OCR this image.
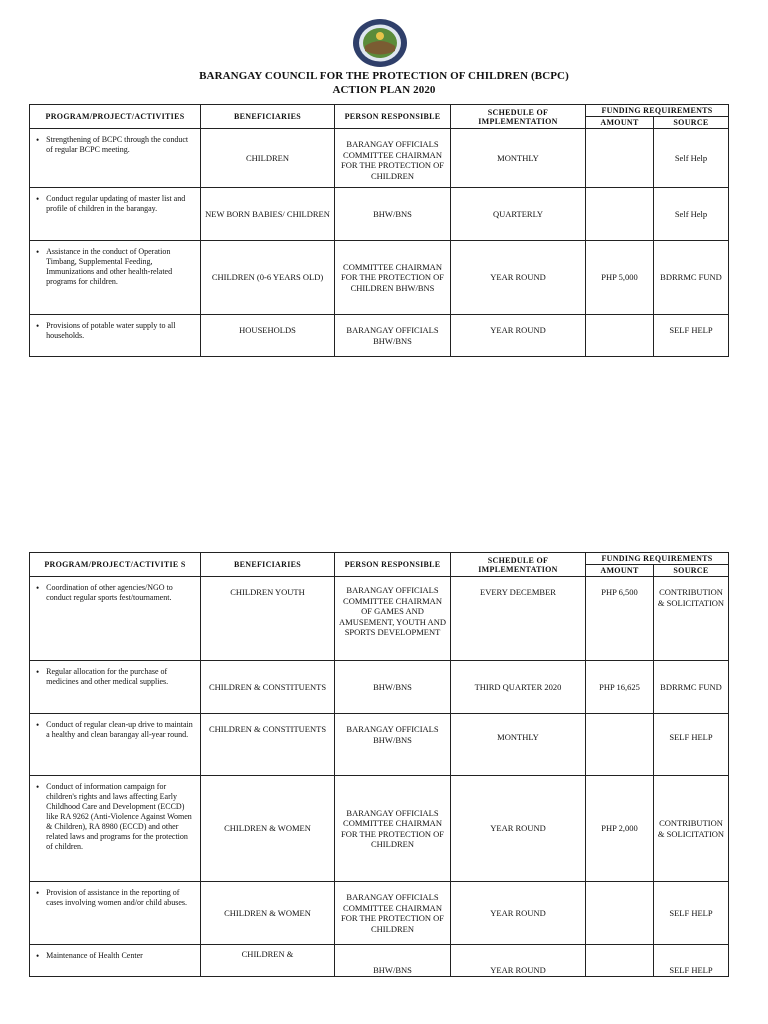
BARANGAY COUNCIL FOR THE PROTECTION OF CHILDREN (BCPC)
ACTION PLAN 2020
PROGRAM/PROJECT/ACTIVITIES	BENEFICIARIES	PERSON RESPONSIBLE	SCHEDULE OF IMPLEMENTATION	FUNDING REQUIREMENTS	
				AMOUNT	SOURCE

• Strengthening of BCPC through the conduct of regular BCPC meeting.	CHILDREN	BARANGAY OFFICIALS COMMITTEE CHAIRMAN FOR THE PROTECTION OF CHILDREN	MONTHLY		Self Help

• Conduct regular updating of master list and profile of children in the barangay.	NEW BORN BABIES/ CHILDREN	BHW/BNS	QUARTERLY		Self Help

• Assistance in the conduct of Operation Timbang, Supplemental Feeding, Immunizations and other health-related programs for children.	CHILDREN (0-6 YEARS OLD)	COMMITTEE CHAIRMAN FOR THE PROTECTION OF CHILDREN BHW/BNS	YEAR ROUND	PHP 5,000	BDRRMC FUND

• Provisions of potable water supply to all households.	HOUSEHOLDS	BARANGAY OFFICIALS BHW/BNS	YEAR ROUND		SELF HELP
PROGRAM/PROJECT/ACTIVITIE S	BENEFICIARIES	PERSON RESPONSIBLE	SCHEDULE OF IMPLEMENTATION	FUNDING REQUIREMENTS	
				AMOUNT	SOURCE

• Coordination of other agencies/NGO to conduct regular sports fest/tournament.	CHILDREN YOUTH	BARANGAY OFFICIALS COMMITTEE CHAIRMAN OF GAMES AND AMUSEMENT, YOUTH AND SPORTS DEVELOPMENT	EVERY DECEMBER	PHP 6,500	CONTRIBUTION & SOLICITATION

• Regular allocation for the purchase of medicines and other medical supplies.	CHILDREN & CONSTITUENTS	BHW/BNS	THIRD QUARTER 2020	PHP 16,625	BDRRMC FUND

• Conduct of regular clean-up drive to maintain a healthy and clean barangay all-year round.	CHILDREN & CONSTITUENTS	BARANGAY OFFICIALS BHW/BNS	MONTHLY		SELF HELP

• Conduct of information campaign for children's rights and laws affecting Early Childhood Care and Development (ECCD) like RA 9262 (Anti-Violence Against Women & Children), RA 8980 (ECCD) and other related laws and programs for the protection of children.	CHILDREN & WOMEN	BARANGAY OFFICIALS COMMITTEE CHAIRMAN FOR THE PROTECTION OF CHILDREN	YEAR ROUND	PHP 2,000	CONTRIBUTION & SOLICITATION

• Provision of assistance in the reporting of cases involving women and/or child abuses.	CHILDREN & WOMEN	BARANGAY OFFICIALS COMMITTEE CHAIRMAN FOR THE PROTECTION OF CHILDREN	YEAR ROUND		SELF HELP

• Maintenance of Health Center	CHILDREN &	BHW/BNS	YEAR ROUND		SELF HELP
